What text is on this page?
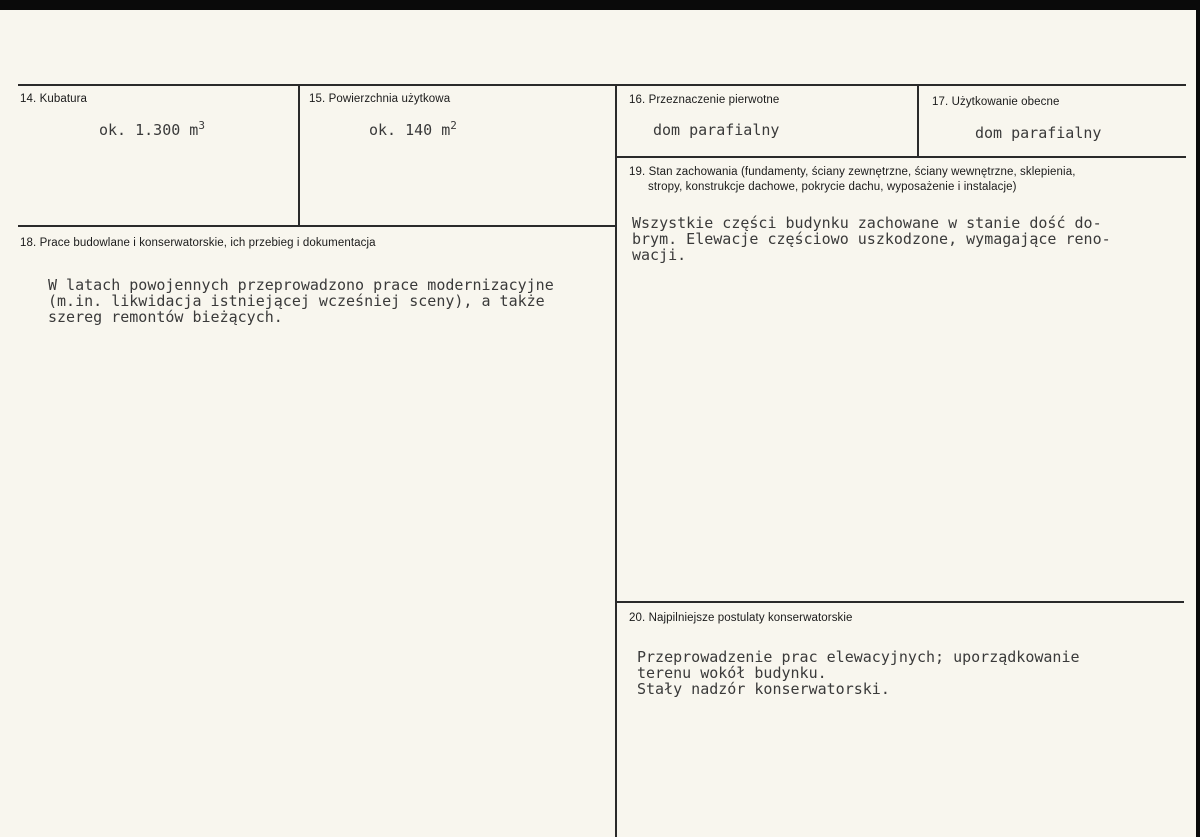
14. Kubatura
ok. 1.300 $m^3$
15. Powierzchnia użytkowa
ok. 140 $m^2$
16. Przeznaczenie pierwotne
dom parafialny
17. Użytkowanie obecne
dom parafialny
19. Stan zachowania (fundamenty, ściany zewnętrzne, ściany wewnętrzne, sklepienia,
stropy, konstrukcje dachowe, pokrycie dachu, wyposażenie i instalacje)
Wszystkie części budynku zachowane w stanie dość do-
brym. Elewacje częściowo uszkodzone, wymagające reno-
wacji.
18. Prace budowlane i konserwatorskie, ich przebieg i dokumentacja
W latach powojennych przeprowadzono prace modernizacyjne
(m.in. likwidacja istniejącej wcześniej sceny), a także
szereg remontów bieżących.
20. Najpilniejsze postulaty konserwatorskie
Przeprowadzenie prac elewacyjnych; uporządkowanie
terenu wokół budynku.
Stały nadzór konserwatorski.
